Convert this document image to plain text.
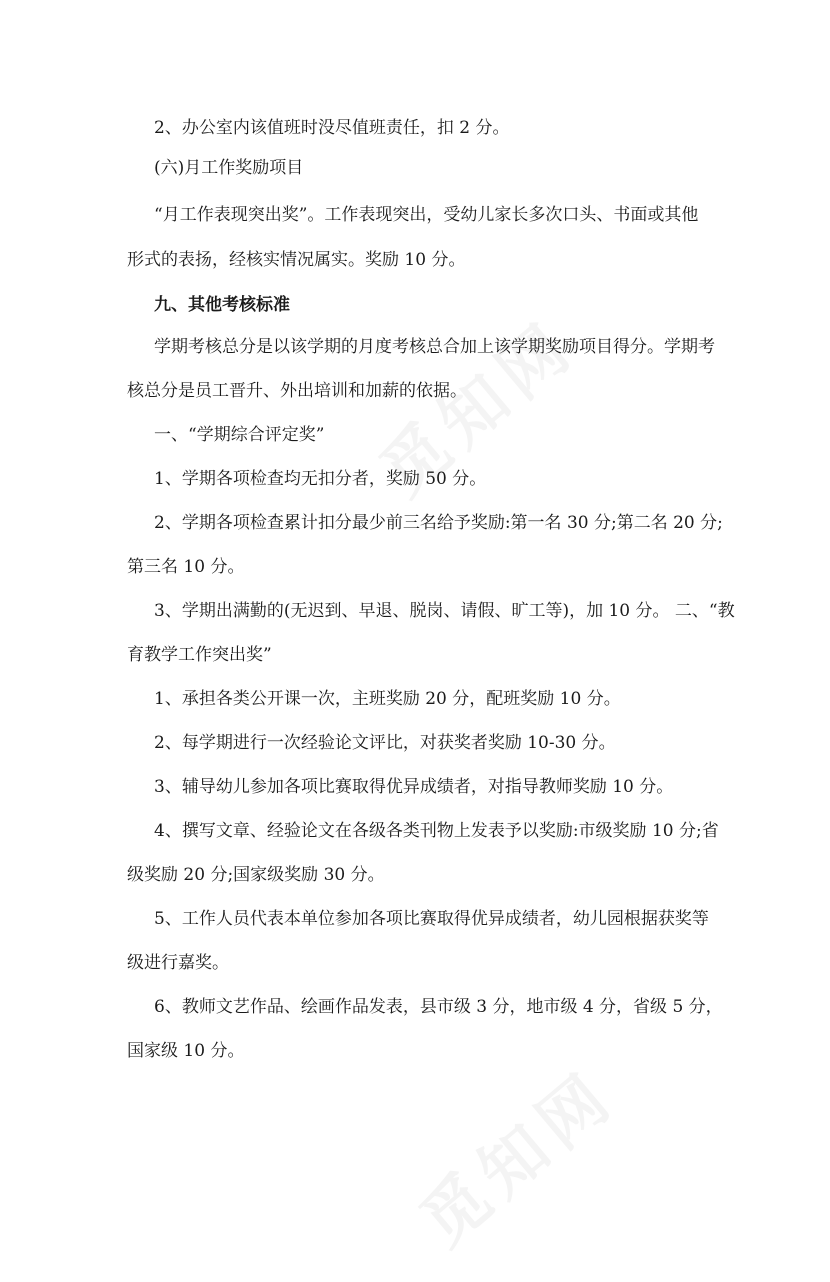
2、办公室内该值班时没尽值班责任，扣 2 分。
(六)月工作奖励项目
“月工作表现突出奖”。工作表现突出，受幼儿家长多次口头、书面或其他
形式的表扬，经核实情况属实。奖励 10 分。
九、其他考核标准
学期考核总分是以该学期的月度考核总合加上该学期奖励项目得分。学期考
核总分是员工晋升、外出培训和加薪的依据。
一、“学期综合评定奖”
1、学期各项检查均无扣分者，奖励 50 分。
2、学期各项检查累计扣分最少前三名给予奖励:第一名 30 分;第二名 20 分;
第三名 10 分。
3、学期出满勤的(无迟到、早退、脱岗、请假、旷工等)，加 10 分。 二、“教
育教学工作突出奖”
1、承担各类公开课一次，主班奖励 20 分，配班奖励 10 分。
2、每学期进行一次经验论文评比，对获奖者奖励 10-30 分。
3、辅导幼儿参加各项比赛取得优异成绩者，对指导教师奖励 10 分。
4、撰写文章、经验论文在各级各类刊物上发表予以奖励:市级奖励 10 分;省
级奖励 20 分;国家级奖励 30 分。
5、工作人员代表本单位参加各项比赛取得优异成绩者，幼儿园根据获奖等
级进行嘉奖。
6、教师文艺作品、绘画作品发表，县市级 3 分，地市级 4 分，省级 5 分，
国家级 10 分。
